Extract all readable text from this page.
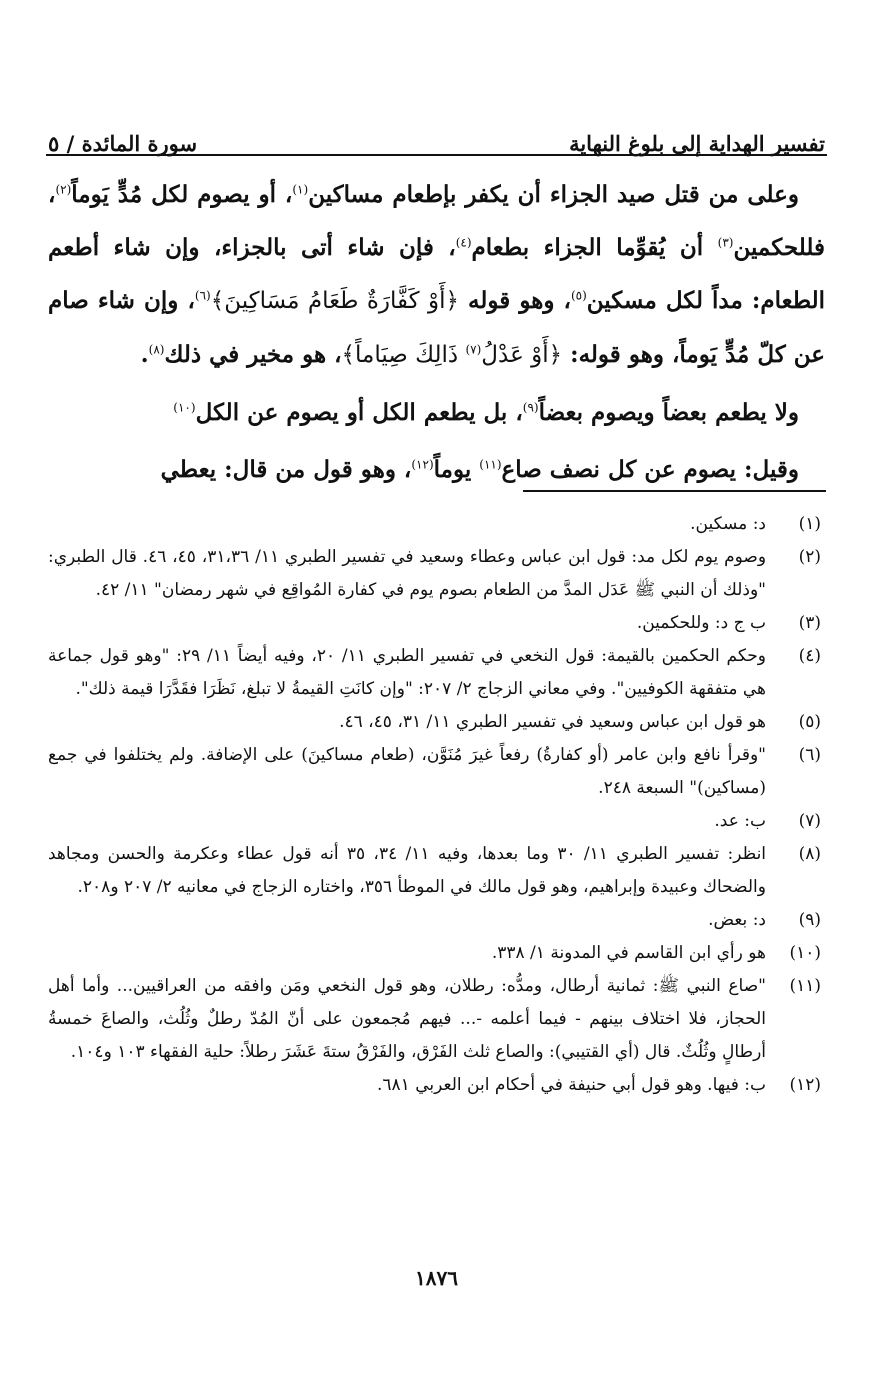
تفسير الهداية إلى بلوغ النهاية
سورة المائدة / ٥

وعلى من قتل صيد الجزاء أن يكفر بإطعام مساكين$^{(١)}$، أو يصوم لكل مُدٍّ يَوماً$^{(٢)}$، فللحكمين$^{(٣)}$ أن يُقوِّما الجزاء بطعام$^{(٤)}$، فإن شاء أتى بالجزاء، وإن شاء أطعم الطعام: مداً لكل مسكين$^{(٥)}$، وهو قوله ﴿أَوْ كَفَّارَةٌ طَعَامُ مَسَاكِينَ﴾$^{(٦)}$، وإن شاء صام عن كلّ مُدٍّ يَوماً، وهو قوله: ﴿أَوْ عَدْلُ$^{(٧)}$ ذَالِكَ صِيَاماً﴾، هو مخير في ذلك$^{(٨)}$.

ولا يطعم بعضاً ويصوم بعضاً$^{(٩)}$، بل يطعم الكل أو يصوم عن الكل$^{(١٠)}$

وقيل: يصوم عن كل نصف صاع$^{(١١)}$ يوماً$^{(١٢)}$، وهو قول من قال: يعطي

(١)
د: مسكين.
(٢)
وصوم يوم لكل مد: قول ابن عباس وعطاء وسعيد في تفسير الطبري ١١/ ٣١،٣٦، ٤٥، ٤٦. قال الطبري: "وذلك أن النبي ﷺ عَدَل المدَّ من الطعام بصوم يوم في كفارة المُواقِع في شهر رمضان" ١١/ ٤٢.
(٣)
ب ج د: وللحكمين.
(٤)
وحكم الحكمين بالقيمة: قول النخعي في تفسير الطبري ١١/ ٢٠، وفيه أيضاً ١١/ ٢٩: "وهو قول جماعة هي متفقهة الكوفيين". وفي معاني الزجاج ٢/ ٢٠٧: "وإن كانَتِ القيمةُ لا تبلغ، نَظَرَا فقَدَّرَا قيمة ذلك".
(٥)
هو قول ابن عباس وسعيد في تفسير الطبري ١١/ ٣١، ٤٥، ٤٦.
(٦)
"وقرأ نافع وابن عامر (أو كفارةُ) رفعاً غيرَ مُنَوَّن، (طعام مساكينَ) على الإضافة. ولم يختلفوا في جمع (مساكين)" السبعة ٢٤٨.
(٧)
ب: عد.
(٨)
انظر: تفسير الطبري ١١/ ٣٠ وما بعدها، وفيه ١١/ ٣٤، ٣٥ أنه قول عطاء وعكرمة والحسن ومجاهد والضحاك وعبيدة وإبراهيم، وهو قول مالك في الموطأ ٣٥٦، واختاره الزجاج في معانيه ٢/ ٢٠٧ و٢٠٨.
(٩)
د: بعض.
(١٠)
هو رأي ابن القاسم في المدونة ١/ ٣٣٨.
(١١)
"صاع النبي ﷺ: ثمانية أرطال، ومدُّه: رطلان، وهو قول النخعي ومَن وافقه من العراقيين... وأما أهل الحجاز، فلا اختلاف بينهم - فيما أعلمه -... فيهم مُجمعون على أنّ المُدّ رطلٌ وثُلُث، والصاعَ خمسةُ أرطالٍ وثُلُثٌ. قال (أي القتيبي): والصاع ثلث الفَرْق، والفَرْقُ ستةَ عَشَرَ رطلاً: حلية الفقهاء ١٠٣ و١٠٤.
(١٢)
ب: فيها. وهو قول أبي حنيفة في أحكام ابن العربي ٦٨١.
١٨٧٦
